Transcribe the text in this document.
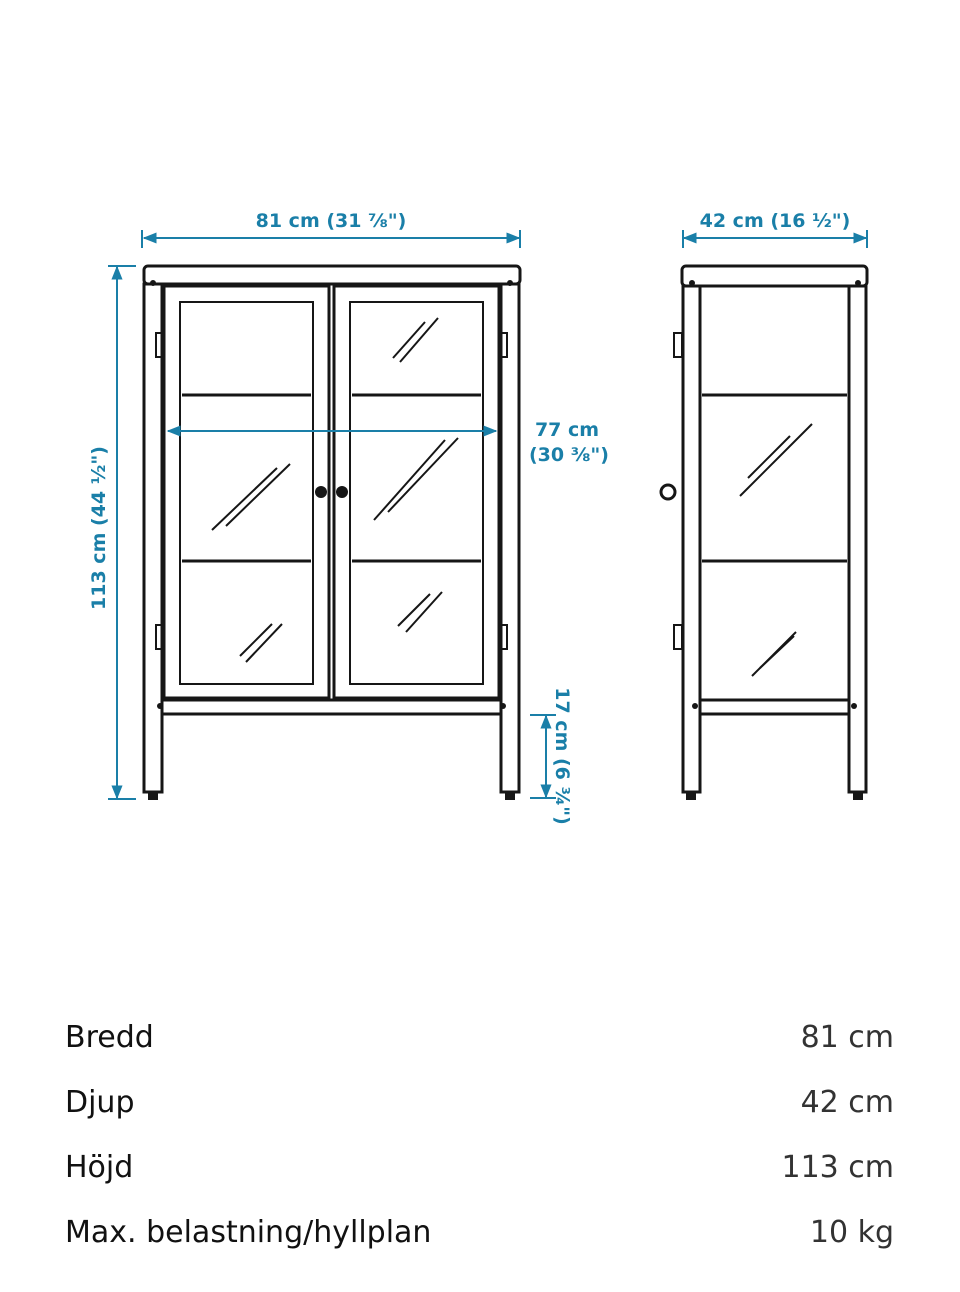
81 cm (31 ⅞")	42 cm (16 ½")
113 cm (44 ½")
77 cm
(30 ⅜")
17 cm (6 ¾")
Bredd	81 cm
Djup	42 cm
Höjd	113 cm
Max. belastning/hyllplan	10 kg
